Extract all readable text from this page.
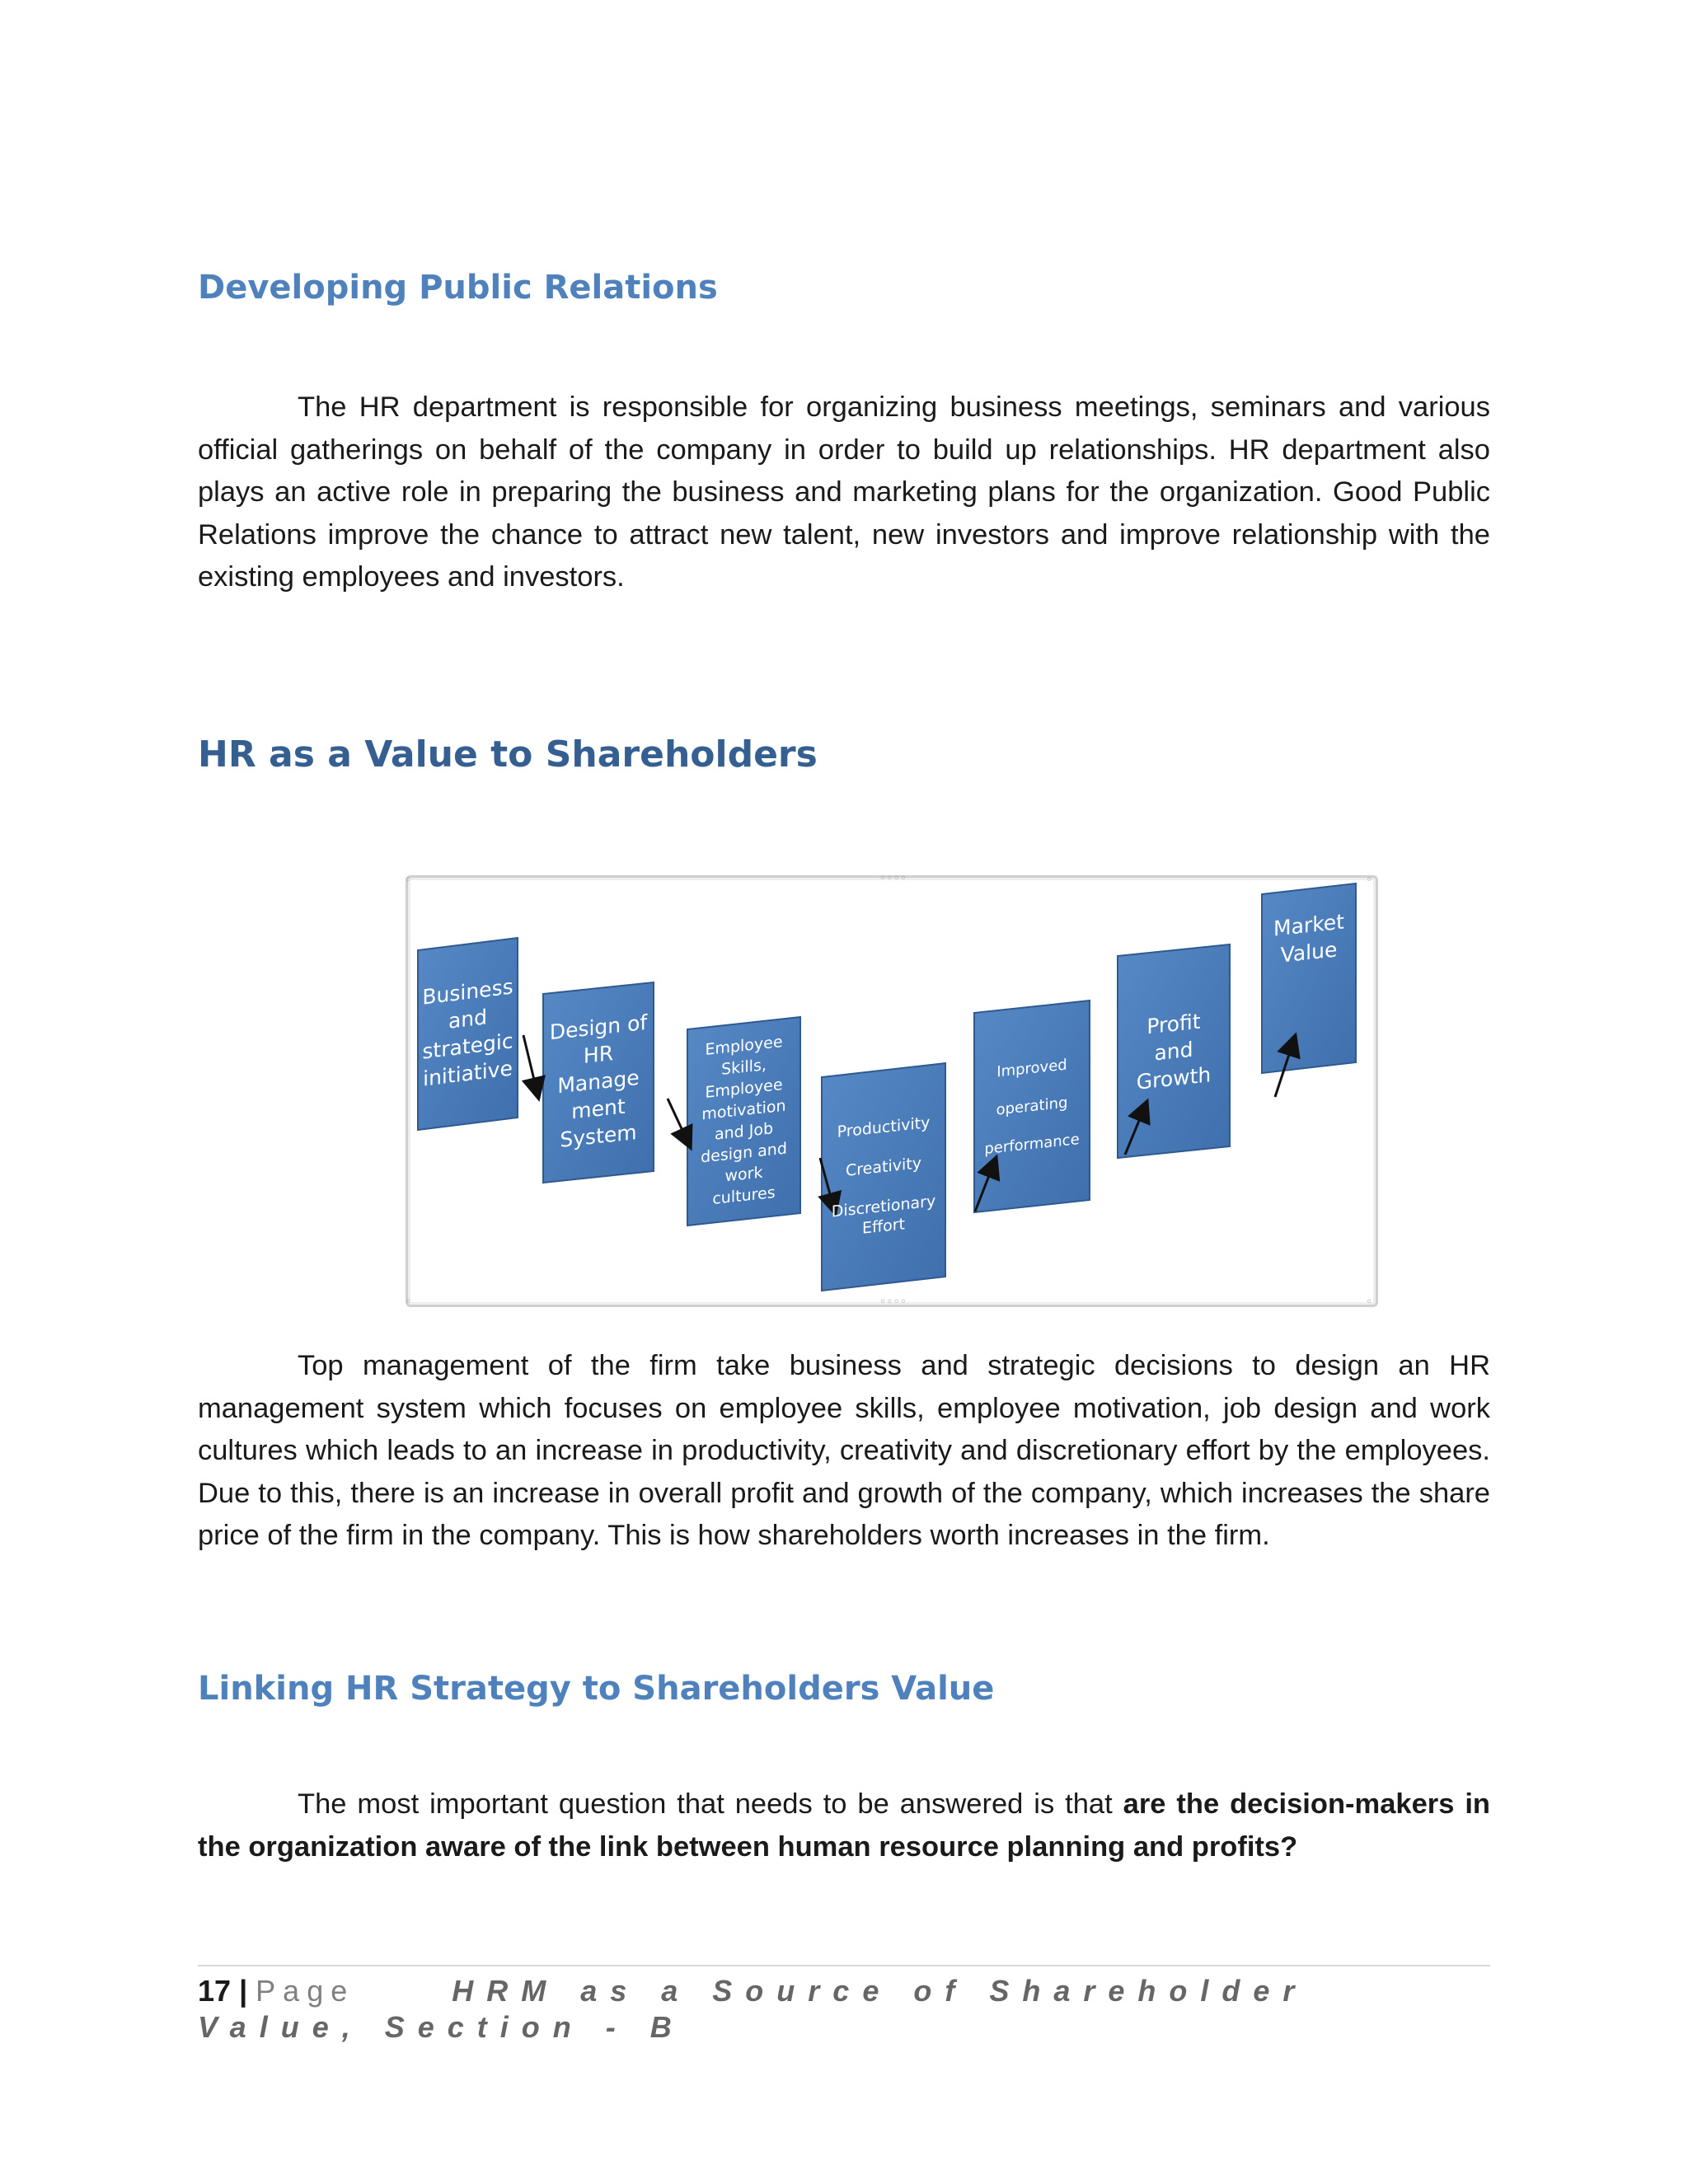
Developing Public Relations

The HR department is responsible for organizing business meetings, seminars and various official gatherings on behalf of the company in order to build up relationships. HR department also plays an active role in preparing the business and marketing plans for the organization. Good Public Relations improve the chance to attract new talent, new investors and improve relationship with the existing employees and investors.

HR as a Value to Shareholders
◦◦◦◦
◦◦◦◦
◦	◦
◦	◦
Business
and
strategic
initiative
Design of
HR
Manage
ment
System
Employee
Skills,
Employee
motivation
and Job
design and
work
cultures
Productivity

Creativity

Discretionary
Effort
Improved

operating

performance
Profit
and
Growth
Market
Value

Top management of the firm take business and strategic decisions to design an HR management system which focuses on employee skills, employee motivation, job design and work cultures which leads to an increase in productivity, creativity and discretionary effort by the employees. Due to this, there is an increase in overall profit and growth of the company, which increases the share price of the firm in the company. This is how shareholders worth increases in the firm.

Linking HR Strategy to Shareholders Value

The most important question that needs to be answered is that are the decision-makers in the organization aware of the link between human resource planning and profits?

17 | Page	HRM as a Source of Shareholder Value, Section - B
